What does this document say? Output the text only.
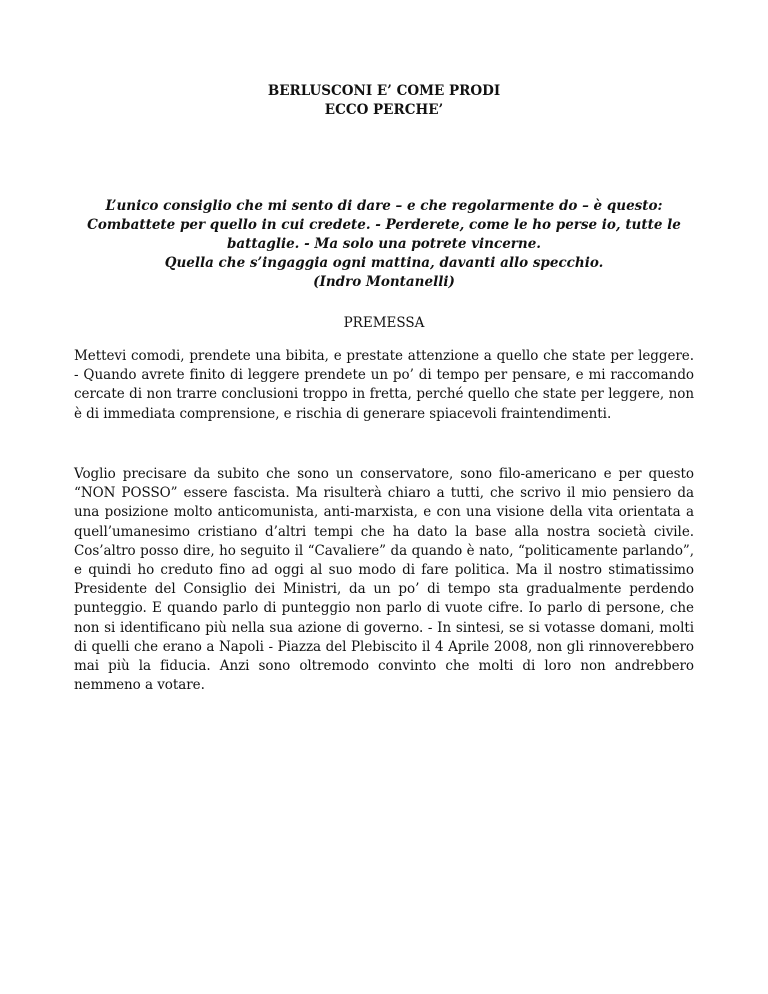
BERLUSCONI E’ COME PRODI
ECCO PERCHE’
L’unico consiglio che mi sento di dare – e che regolarmente do – è questo:
Combattete per quello in cui credete. - Perderete, come le ho perse io, tutte le
battaglie. - Ma solo una potrete vincerne.
Quella che s’ingaggia ogni mattina, davanti allo specchio.
(Indro Montanelli)
PREMESSA

Mettevi comodi, prendete una bibita, e prestate attenzione a quello che state per leggere. - Quando avrete finito di leggere prendete un po’ di tempo per pensare, e mi raccomando cercate di non trarre conclusioni troppo in fretta, perché quello che state per leggere, non è di immediata comprensione, e rischia di generare spiacevoli fraintendimenti.

Voglio precisare da subito che sono un conservatore, sono filo-americano e per questo “NON POSSO” essere fascista. Ma risulterà chiaro a tutti, che scrivo il mio pensiero da una posizione molto anticomunista, anti-marxista, e con una visione della vita orientata a quell’umanesimo cristiano d’altri tempi che ha dato la base alla nostra società civile. Cos’altro posso dire, ho seguito il “Cavaliere” da quando è nato, “politicamente parlando”, e quindi ho creduto fino ad oggi al suo modo di fare politica. Ma il nostro stimatissimo Presidente del Consiglio dei Ministri, da un po’ di tempo sta gradualmente perdendo punteggio. E quando parlo di punteggio non parlo di vuote cifre. Io parlo di persone, che non si identificano più nella sua azione di governo. - In sintesi, se si votasse domani, molti di quelli che erano a Napoli - Piazza del Plebiscito il 4 Aprile 2008, non gli rinnoverebbero mai più la fiducia. Anzi sono oltremodo convinto che molti di loro non andrebbero nemmeno a votare.
